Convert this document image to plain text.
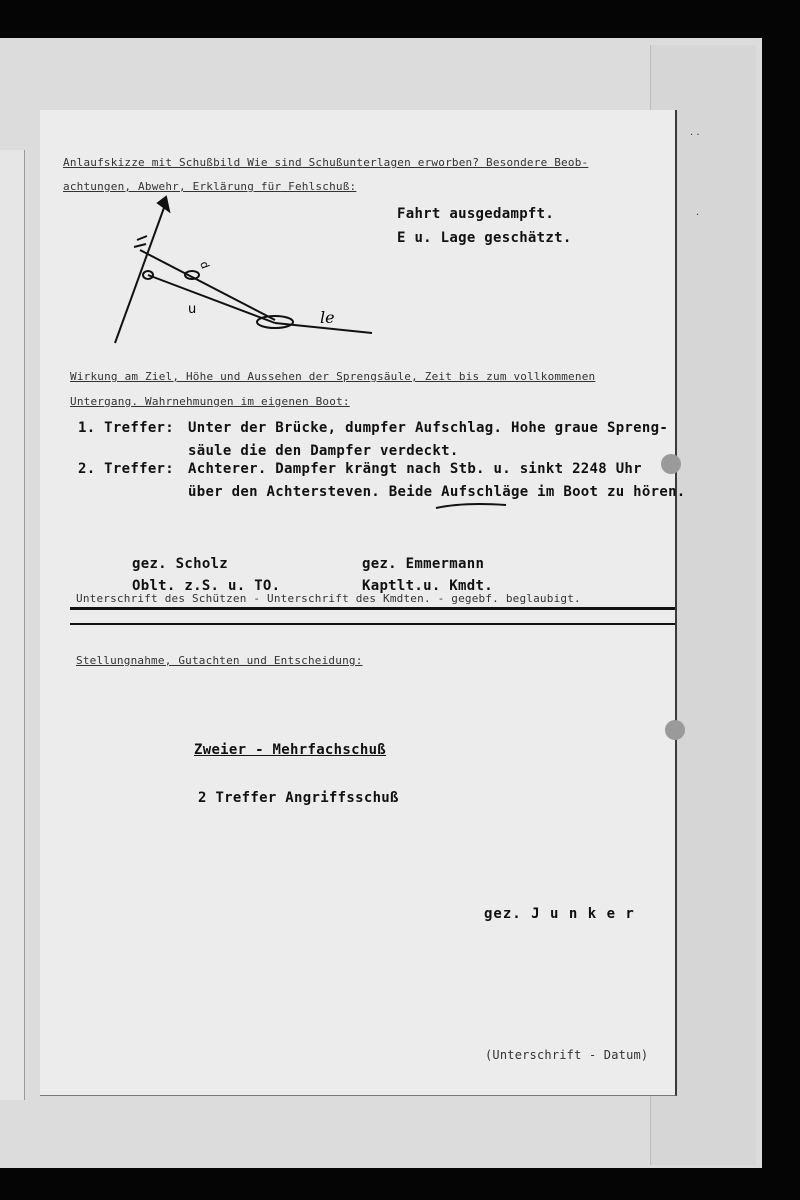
Anlaufskizze mit Schußbild Wie sind Schußunterlagen erworben? Besondere Beob-
achtungen, Abwehr, Erklärung für Fehlschuß:
Fahrt ausgedampft.
E u. Lage geschätzt.
u	le
d
Wirkung am Ziel, Höhe und Aussehen der Sprengsäule, Zeit bis zum vollkommenen
Untergang. Wahrnehmungen im eigenen Boot:
1. Treffer: Unter der Brücke, dumpfer Aufschlag. Hohe graue Spreng-
säule die den Dampfer verdeckt.
2. Treffer: Achterer. Dampfer krängt nach Stb. u. sinkt 2248 Uhr
über den Achtersteven. Beide Aufschläge im Boot zu hören.
gez. Scholz
Oblt. z.S. u. TO.
gez. Emmermann
Kaptlt.u. Kmdt.
Unterschrift des Schützen - Unterschrift des Kmdten. - gegebf. beglaubigt.
Stellungnahme, Gutachten und Entscheidung:
Zweier - Mehrfachschuß
2 Treffer Angriffsschuß
gez. J u n k e r
(Unterschrift - Datum)
· ·
·
